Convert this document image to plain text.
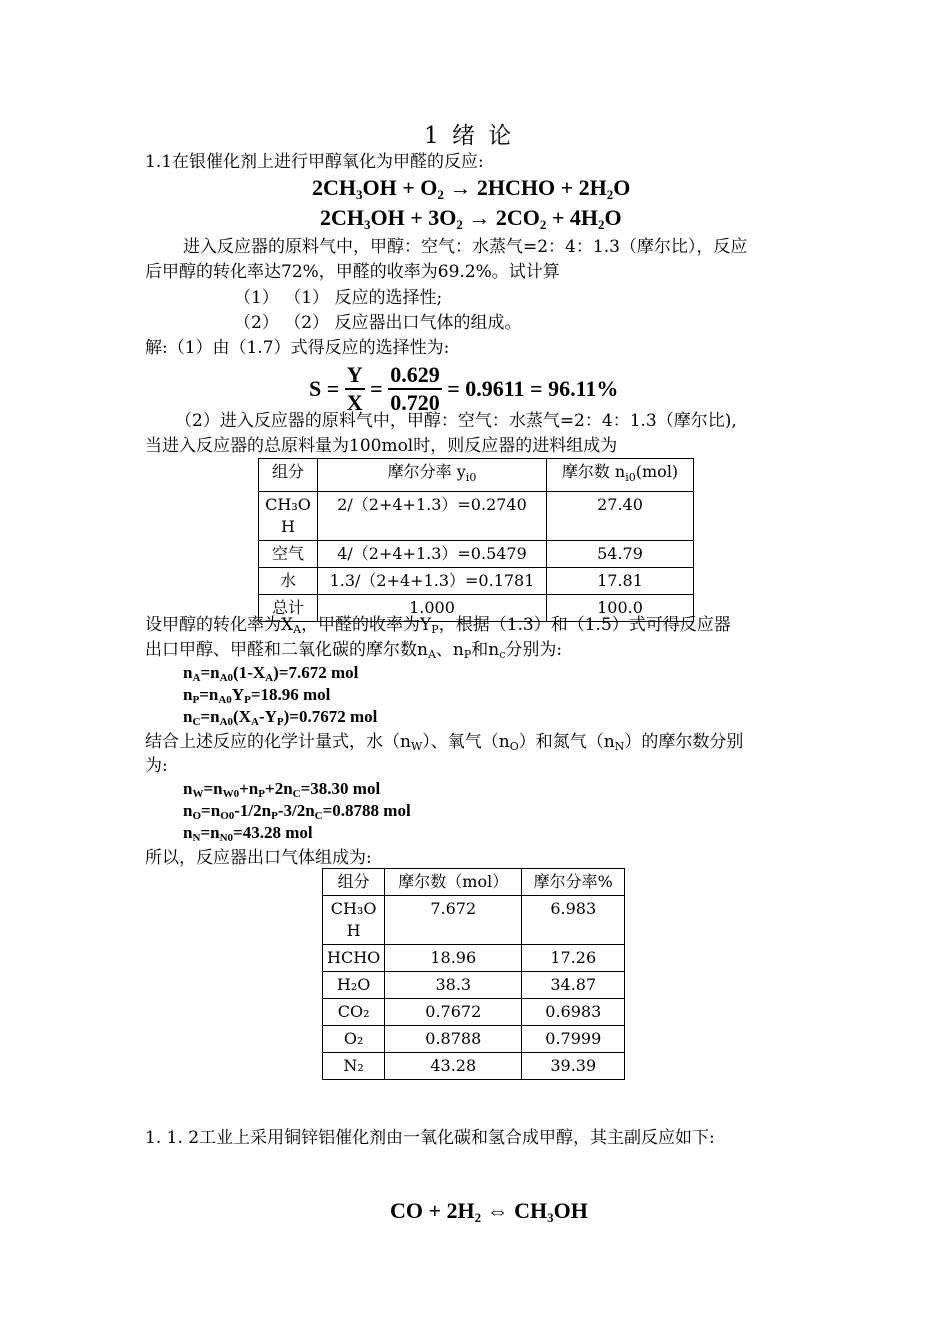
1 绪 论
1.1在银催化剂上进行甲醇氧化为甲醛的反应:
$2CH_3OH + O_2$ → 2HCHO + $2H_2O$
$2CH_3OH + 3O_2 \to 2CO_2 + 4H_2O$
进入反应器的原料气中，甲醇：空气：水蒸气=2：4：1.3（摩尔比），反应
后甲醇的转化率达72%，甲醛的收率为69.2%。试计算
（1） （1） 反应的选择性;
（2） （2） 反应器出口气体的组成。
解:（1）由（1.7）式得反应的选择性为:
$S = \frac{Y}{X} = \frac{0.629}{0.720} = 0.9611 = 96.11\%$
（2）进入反应器的原料气中，甲醇：空气：水蒸气=2：4：1.3（摩尔比),
当进入反应器的总原料量为100mol时，则反应器的进料组成为
组分	摩尔分率 $y_{i0}$	摩尔数 $n_{i0}(mol)$
CH₃O
H	2/（2+4+1.3）=0.2740	27.40
空气	4/（2+4+1.3）=0.5479	54.79
水	1.3/（2+4+1.3）=0.1781	17.81
总计	1.000	100.0
设甲醇的转化率为$X_A$，甲醛的收率为$Y_P$，根据（1.3）和（1.5）式可得反应器
出口甲醇、甲醛和二氧化碳的摩尔数$n_A$、$n_P$和$n_c$分别为:
$n_A=n_{A0}(1-X_A)=7.672$ mol
$n_P=n_{A0}Y_P=18.96$ mol
$n_C=n_{A0}(X_A-Y_P)=0.7672$ mol
结合上述反应的化学计量式，水$(n_W)$、氧气$(n_O)$和氮气$(n_N)$的摩尔数分别
为:
$n_W=n_{W0}+n_P+2n_C=38.30$ mol
$n_O=n_{O0}-1/2n_P-3/2n_C=0.8788$ mol
$n_N=n_{N0}=43.28$ mol
所以，反应器出口气体组成为:
组分	摩尔数（mol）	摩尔分率%
CH₃O
H	7.672	6.983
HCHO	18.96	17.26
H₂O	38.3	34.87
CO₂	0.7672	0.6983
O₂	0.8788	0.7999
N₂	43.28	39.39
1. 1. 2工业上采用铜锌铝催化剂由一氧化碳和氢合成甲醇，其主副反应如下:
CO + $2H_2$ ⇔ $CH_3OH$
